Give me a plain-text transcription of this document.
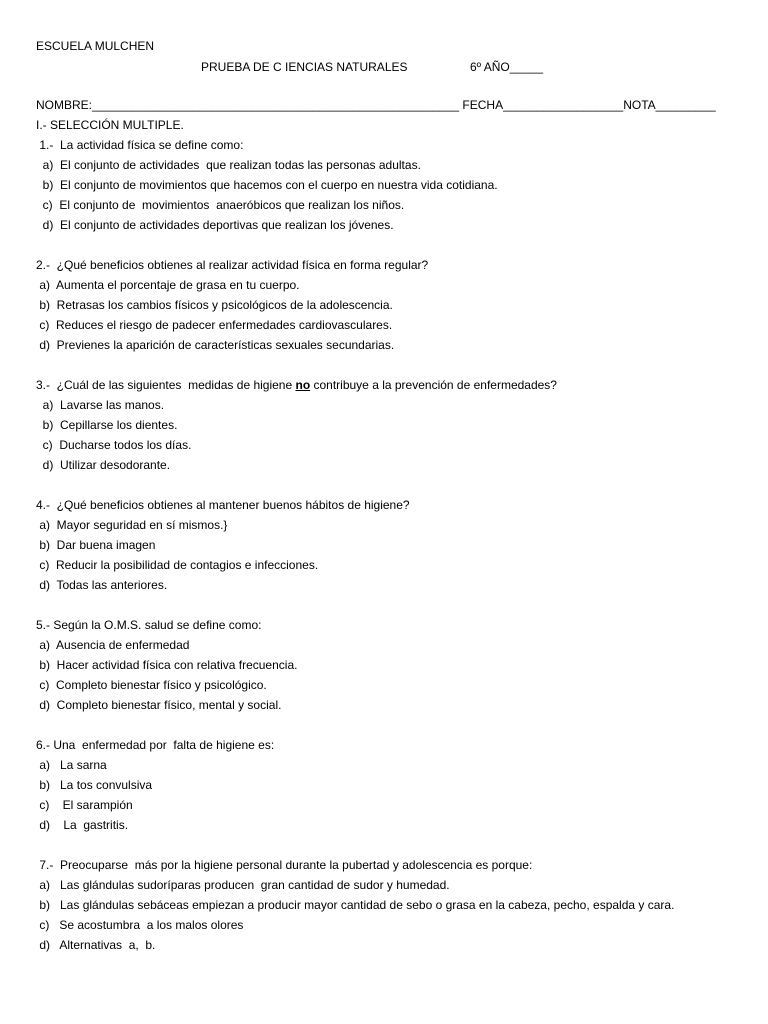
ESCUELA MULCHEN
PRUEBA DE C IENCIAS NATURALES	6º AÑO_____
NOMBRE:_______________________________________________________ FECHA__________________NOTA_________
I.- SELECCIÓN MULTIPLE.
1.-  La actividad física se define como:
a)  El conjunto de actividades  que realizan todas las personas adultas.
b)  El conjunto de movimientos que hacemos con el cuerpo en nuestra vida cotidiana.
c)  El conjunto de  movimientos  anaeróbicos que realizan los niños.
d)  El conjunto de actividades deportivas que realizan los jóvenes.
2.-  ¿Qué beneficios obtienes al realizar actividad física en forma regular?
a)  Aumenta el porcentaje de grasa en tu cuerpo.
b)  Retrasas los cambios físicos y psicológicos de la adolescencia.
c)  Reduces el riesgo de padecer enfermedades cardiovasculares.
d)  Previenes la aparición de características sexuales secundarias.
3.-  ¿Cuál de las siguientes  medidas de higiene no contribuye a la prevención de enfermedades?
a)  Lavarse las manos.
b)  Cepillarse los dientes.
c)  Ducharse todos los días.
d)  Utilizar desodorante.
4.-  ¿Qué beneficios obtienes al mantener buenos hábitos de higiene?
a)  Mayor seguridad en sí mismos.}
b)  Dar buena imagen
c)  Reducir la posibilidad de contagios e infecciones.
d)  Todas las anteriores.
5.- Según la O.M.S. salud se define como:
a)  Ausencia de enfermedad
b)  Hacer actividad física con relativa frecuencia.
c)  Completo bienestar físico y psicológico.
d)  Completo bienestar físico, mental y social.
6.- Una  enfermedad por  falta de higiene es:
a)   La sarna
b)   La tos convulsiva
c)    El sarampión
d)    La  gastritis.
7.-  Preocuparse  más por la higiene personal durante la pubertad y adolescencia es porque:
a)   Las glándulas sudoríparas producen  gran cantidad de sudor y humedad.
b)   Las glándulas sebáceas empiezan a producir mayor cantidad de sebo o grasa en la cabeza, pecho, espalda y cara.
c)   Se acostumbra  a los malos olores
d)   Alternativas  a,  b.
